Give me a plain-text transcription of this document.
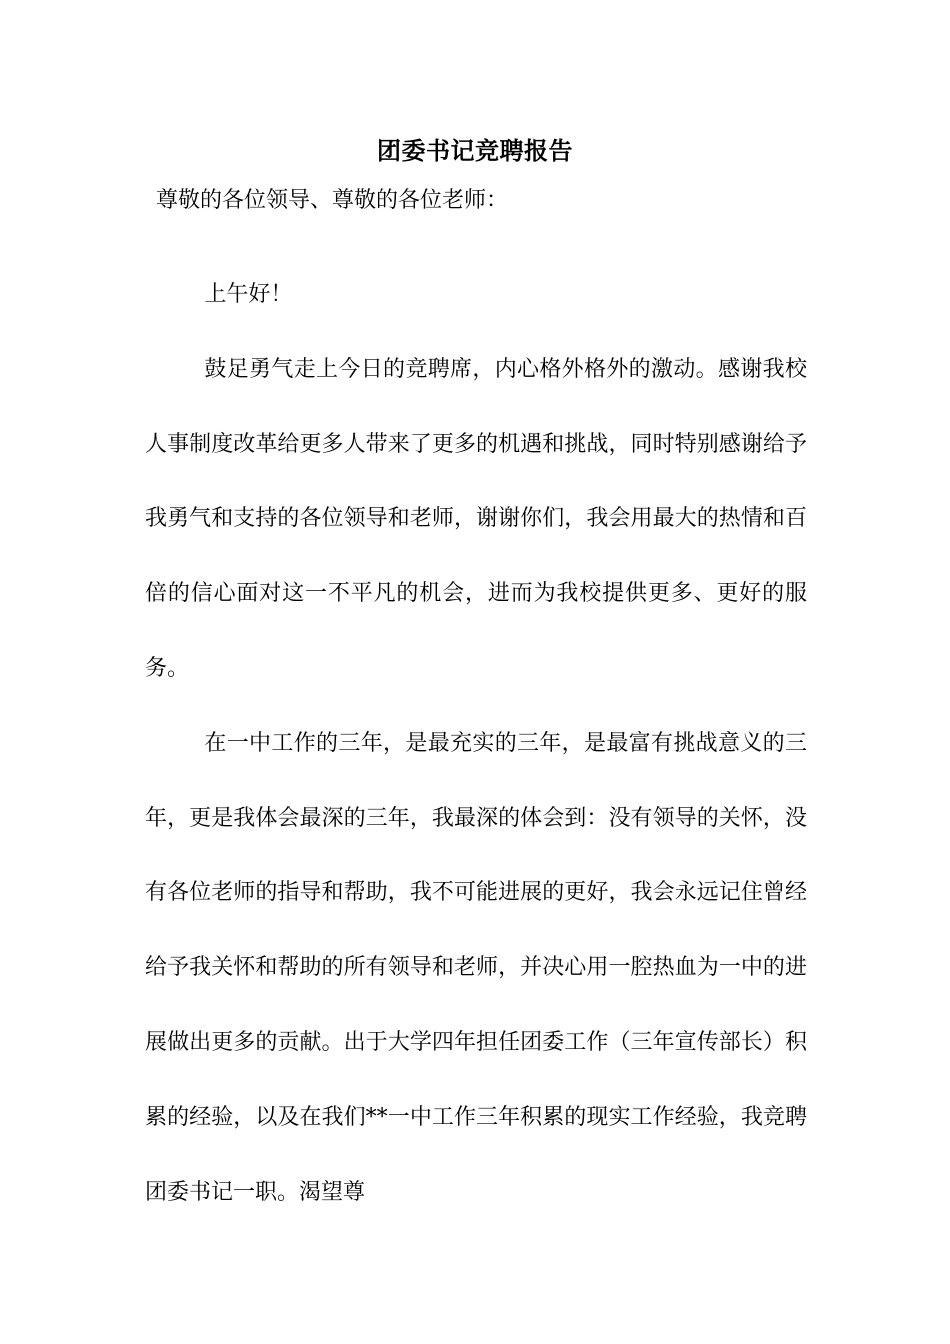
团委书记竞聘报告
尊敬的各位领导、尊敬的各位老师：

上午好！

鼓足勇气走上今日的竞聘席，内心格外格外的激动。感谢我校人事制度改革给更多人带来了更多的机遇和挑战，同时特别感谢给予我勇气和支持的各位领导和老师，谢谢你们，我会用最大的热情和百倍的信心面对这一不平凡的机会，进而为我校提供更多、更好的服务。

在一中工作的三年，是最充实的三年，是最富有挑战意义的三年，更是我体会最深的三年，我最深的体会到：没有领导的关怀，没有各位老师的指导和帮助，我不可能进展的更好，我会永远记住曾经给予我关怀和帮助的所有领导和老师，并决心用一腔热血为一中的进展做出更多的贡献。出于大学四年担任团委工作（三年宣传部长）积累的经验，以及在我们**一中工作三年积累的现实工作经验，我竞聘团委书记一职。渴望尊
